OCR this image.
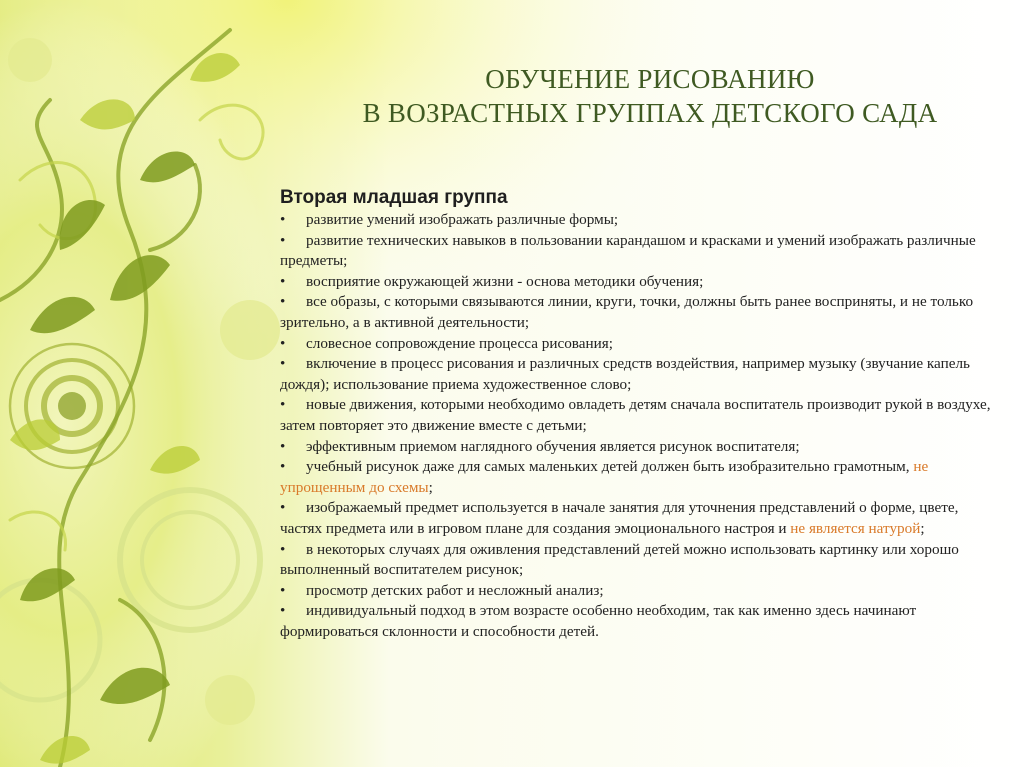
ОБУЧЕНИЕ РИСОВАНИЮ
В ВОЗРАСТНЫХ ГРУППАХ ДЕТСКОГО САДА
Вторая младшая группа
• развитие умений изображать различные формы;
• развитие технических навыков в пользовании карандашом и красками и умений изображать различные предметы;
• восприятие окружающей жизни - основа методики обучения;
• все образы, с которыми связываются линии, круги, точки, должны быть ранее восприняты, и не только зрительно, а в активной деятельности;
• словесное сопровождение процесса рисования;
• включение в процесс рисования и различных средств воздействия, например музыку (звучание капель дождя); использование приема художественное слово;
• новые движения, которыми необходимо овладеть детям сначала воспитатель производит рукой в воздухе, затем повторяет это движение вместе с детьми;
• эффективным приемом наглядного обучения является рисунок воспитателя;
• учебный рисунок даже для самых маленьких детей должен быть изобразительно грамотным, не упрощенным до схемы;
• изображаемый предмет используется в начале занятия для уточнения представлений о форме, цвете, частях предмета или в игровом плане для создания эмоционального настроя и не является натурой;
• в некоторых случаях для оживления представлений детей можно использовать картинку или хорошо выполненный воспитателем рисунок;
• просмотр детских работ и несложный анализ;
• индивидуальный подход в этом возрасте особенно необходим, так как именно здесь начинают формироваться склонности и способности детей.
